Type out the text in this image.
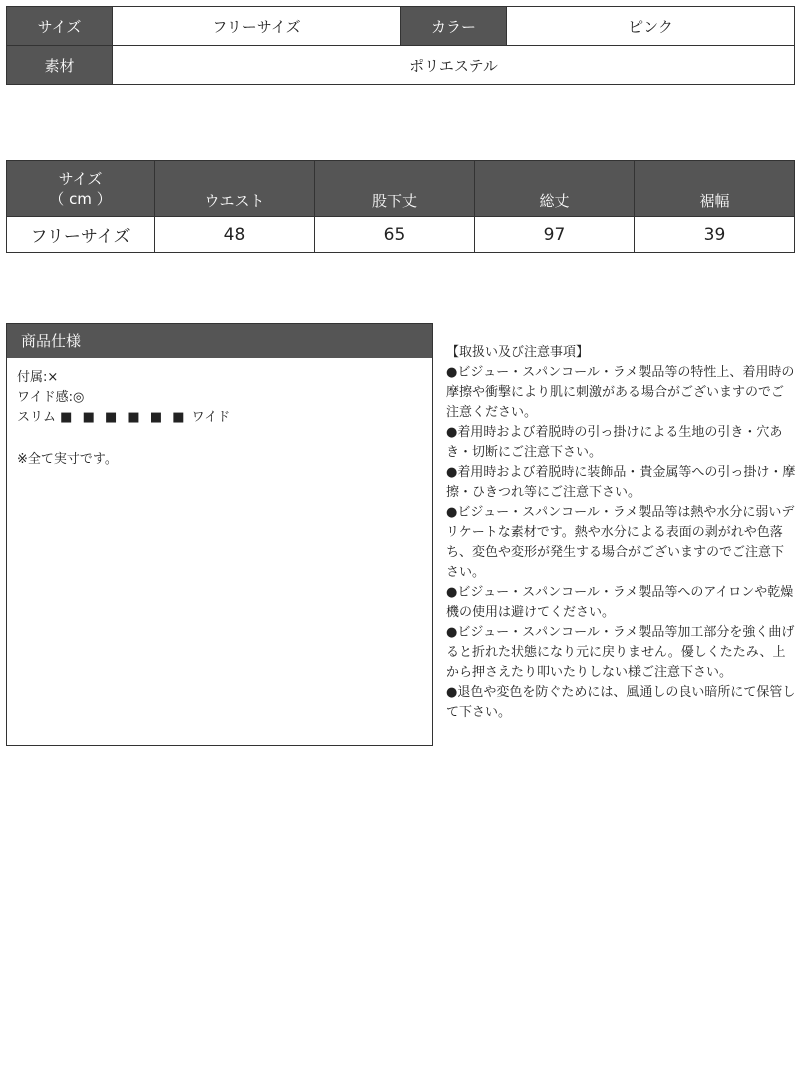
サイズ	フリーサイズ	カラー	ピンク
素材	ポリエステル		
サイズ
（ cm ）	ウエスト	股下丈	総丈	裾幅
フリーサイズ	48	65	97	39
商品仕様
付属:×
ワイド感:◎
スリム ■ ■ ■ ■ ■ ■ ワイド
※全て実寸です。

【取扱い及び注意事項】

●ビジュー・スパンコール・ラメ製品等の特性上、着用時の摩擦や衝撃により肌に刺激がある場合がございますのでご注意ください。

●着用時および着脱時の引っ掛けによる生地の引き・穴あき・切断にご注意下さい。

●着用時および着脱時に装飾品・貴金属等への引っ掛け・摩擦・ひきつれ等にご注意下さい。

●ビジュー・スパンコール・ラメ製品等は熱や水分に弱いデリケートな素材です。熱や水分による表面の剥がれや色落ち、変色や変形が発生する場合がございますのでご注意下さい。

●ビジュー・スパンコール・ラメ製品等へのアイロンや乾燥機の使用は避けてください。

●ビジュー・スパンコール・ラメ製品等加工部分を強く曲げると折れた状態になり元に戻りません。優しくたたみ、上から押さえたり叩いたりしない様ご注意下さい。

●退色や変色を防ぐためには、風通しの良い暗所にて保管して下さい。
